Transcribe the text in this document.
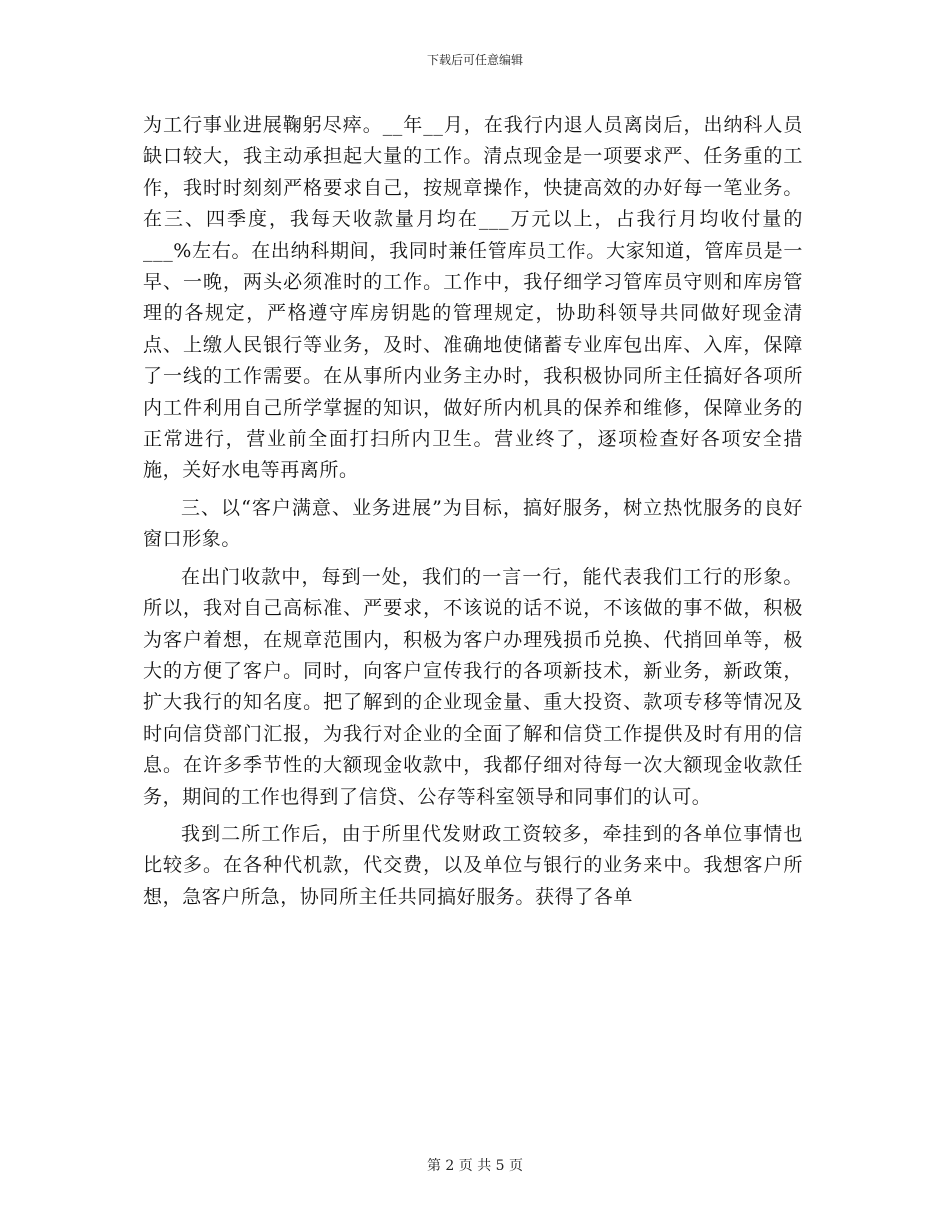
下载后可任意编辑

为工行事业进展鞠躬尽瘁。__年__月，在我行内退人员离岗后，出纳科人员缺口较大，我主动承担起大量的工作。清点现金是一项要求严、任务重的工作，我时时刻刻严格要求自己，按规章操作，快捷高效的办好每一笔业务。在三、四季度，我每天收款量月均在___万元以上，占我行月均收付量的___%左右。在出纳科期间，我同时兼任管库员工作。大家知道，管库员是一早、一晚，两头必须准时的工作。工作中，我仔细学习管库员守则和库房管理的各规定，严格遵守库房钥匙的管理规定，协助科领导共同做好现金清点、上缴人民银行等业务，及时、准确地使储蓄专业库包出库、入库，保障了一线的工作需要。在从事所内业务主办时，我积极协同所主任搞好各项所内工件利用自己所学掌握的知识，做好所内机具的保养和维修，保障业务的正常进行，营业前全面打扫所内卫生。营业终了，逐项检查好各项安全措施，关好水电等再离所。

三、以“客户满意、业务进展”为目标，搞好服务，树立热忱服务的良好窗口形象。

在出门收款中，每到一处，我们的一言一行，能代表我们工行的形象。所以，我对自己高标准、严要求，不该说的话不说，不该做的事不做，积极为客户着想，在规章范围内，积极为客户办理残损币兑换、代捎回单等，极大的方便了客户。同时，向客户宣传我行的各项新技术，新业务，新政策，扩大我行的知名度。把了解到的企业现金量、重大投资、款项专移等情况及时向信贷部门汇报，为我行对企业的全面了解和信贷工作提供及时有用的信息。在许多季节性的大额现金收款中，我都仔细对待每一次大额现金收款任务，期间的工作也得到了信贷、公存等科室领导和同事们的认可。

我到二所工作后，由于所里代发财政工资较多，牵挂到的各单位事情也比较多。在各种代机款，代交费，以及单位与银行的业务来中。我想客户所想，急客户所急，协同所主任共同搞好服务。获得了各单

第 2 页 共 5 页
